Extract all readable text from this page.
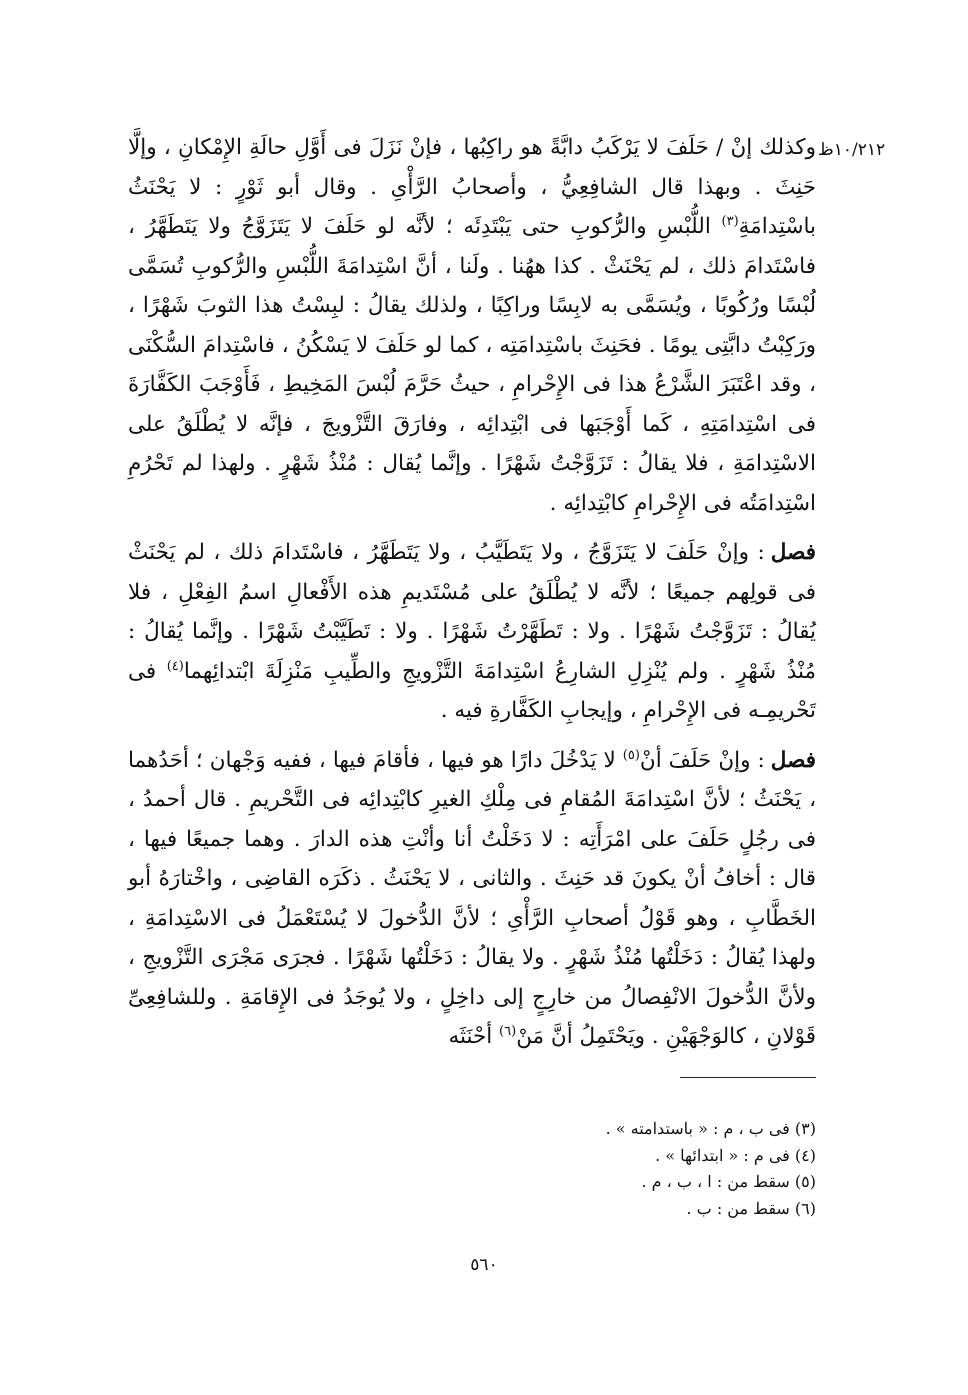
١٠/٢١٢ظ

وكذلك إنْ / حَلَفَ لا يَرْكَبُ دابَّةً هو راكِبُها ، فإنْ نَزَلَ فى أَوَّلِ حالَةِ الإِمْكانِ ، وإلَّا حَنِثَ . وبهذا قال الشافِعِيُّ ، وأصحابُ الرَّأْىِ . وقال أبو ثَوْرٍ : لا يَحْنَثُ باسْتِدامَةِ$^{(٣)}$ اللُّبْسِ والرُّكوبِ حتى يَبْتَدِئَه ؛ لأنَّه لو حَلَفَ لا يَتَزَوَّجُ ولا يَتَطَهَّرُ ، فاسْتَدامَ ذلك ، لم يَحْنَثْ . كذا ههُنا . ولَنا ، أنَّ اسْتِدامَةَ اللُّبْسِ والرُّكوبِ تُسَمَّى لُبْسًا ورُكُوبًا ، ويُسَمَّى به لابِسًا وراكِبًا ، ولذلك يقالُ : لبِسْتُ هذا الثوبَ شَهْرًا ، ورَكِبْتُ دابَّتِى يومًا . فحَنِثَ باسْتِدامَتِه ، كما لو حَلَفَ لا يَسْكُنُ ، فاسْتِدامَ السُّكْنَى ، وقد اعْتَبَرَ الشَّرْعُ هذا فى الإِحْرامِ ، حيثُ حَرَّمَ لُبْسَ المَخِيطِ ، فَأَوْجَبَ الكَفَّارَةَ فى اسْتِدامَتِهِ ، كَما أَوْجَبَها فى ابْتِدائِه ، وفارَقَ التَّزْويجَ ، فإنَّه لا يُطْلَقُ على الاسْتِدامَةِ ، فلا يقالُ : تَزَوَّجْتُ شَهْرًا . وإنَّما يُقال : مُنْذُ شَهْرٍ . ولهذا لم تَحْرُمِ اسْتِدامَتُه فى الإِحْرامِ كابْتِدائِه .

فصل: وإنْ حَلَفَ لا يَتَزَوَّجُ ، ولا يَتَطَيَّبُ ، ولا يَتَطَهَّرُ ، فاسْتَدامَ ذلك ، لم يَحْنَثْ فى قولِهم جميعًا ؛ لأنَّه لا يُطْلَقُ على مُسْتَديمِ هذه الأَفْعالِ اسمُ الفِعْلِ ، فلا يُقالُ : تَزَوَّجْتُ شَهْرًا . ولا : تَطَهَّرْتُ شَهْرًا . ولا : تَطَيَّبْتُ شَهْرًا . وإنَّما يُقالُ : مُنْذُ شَهْرٍ . ولم يُنْزِلِ الشارِعُ اسْتِدامَةَ التَّزْويجِ والطِّيبِ مَنْزِلَةَ ابْتدائِهما$^{(٤)}$ فى تَحْريمِـه فى الإِحْرامِ ، وإيجابِ الكَفَّارةِ فيه .

فصل: وإنْ حَلَفَ أنْ$^{(٥)}$ لا يَدْخُلَ دارًا هو فيها ، فأقامَ فيها ، ففيه وَجْهان ؛ أحَدُهما ، يَحْنَثُ ؛ لأنَّ اسْتِدامَةَ المُقامِ فى مِلْكِ الغيرِ كابْتِدائِه فى التَّحْريمِ . قال أحمدُ ، فى رجُلٍ حَلَفَ على امْرَأَتِه : لا دَخَلْتُ أنا وأنْتِ هذه الدارَ . وهما جميعًا فيها ، قال : أخافُ أنْ يكونَ قد حَنِثَ . والثانى ، لا يَحْنَثُ . ذكَرَه القاضِى ، واخْتارَهُ أبو الخَطَّابِ ، وهو قَوْلُ أصحابِ الرَّأْىِ ؛ لأنَّ الدُّخولَ لا يُسْتَعْمَلُ فى الاسْتِدامَةِ ، ولهذا يُقالُ : دَخَلْتُها مُنْذُ شَهْرٍ . ولا يقالُ : دَخَلْتُها شَهْرًا . فجرَى مَجْرَى التَّزْويجِ ، ولأنَّ الدُّخولَ الانْفِصالُ من خارِجٍ إلى داخِلٍ ، ولا يُوجَدُ فى الإِقامَةِ . وللشافِعِىِّ قَوْلانِ ، كالوَجْهَيْنِ . ويَحْتَمِلُ أنَّ مَنْ$^{(٦)}$ أحْنَثَه

(٣) فى ب ، م : « باستدامته » .
(٤) فى م : « ابتدائها » .
(٥) سقط من : ا ، ب ، م .
(٦) سقط من : ب .
٥٦٠
